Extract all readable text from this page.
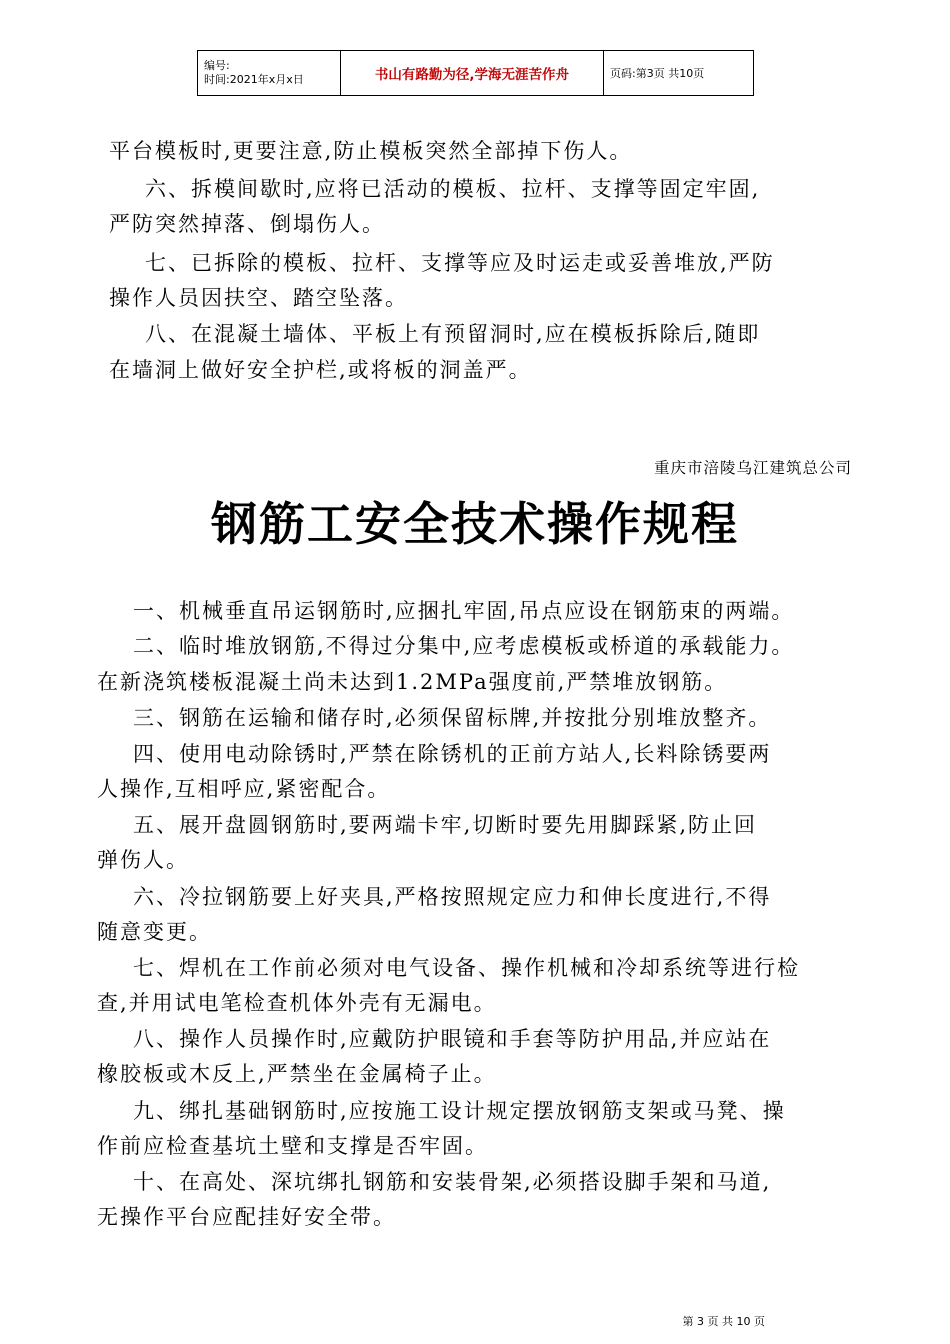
编号:
时间:2021年x月x日	书山有路勤为径,学海无涯苦作舟	页码:第3页 共10页
平台模板时,更要注意,防止模板突然全部掉下伤人。
六、拆模间歇时,应将已活动的模板、拉杆、支撑等固定牢固,
严防突然掉落、倒塌伤人。
七、已拆除的模板、拉杆、支撑等应及时运走或妥善堆放,严防
操作人员因扶空、踏空坠落。
八、在混凝土墙体、平板上有预留洞时,应在模板拆除后,随即
在墙洞上做好安全护栏,或将板的洞盖严。
重庆市涪陵乌江建筑总公司
钢筋工安全技术操作规程
一、机械垂直吊运钢筋时,应捆扎牢固,吊点应设在钢筋束的两端。
二、临时堆放钢筋,不得过分集中,应考虑模板或桥道的承载能力。
在新浇筑楼板混凝土尚未达到1.2MPa强度前,严禁堆放钢筋。
三、钢筋在运输和储存时,必须保留标牌,并按批分别堆放整齐。
四、使用电动除锈时,严禁在除锈机的正前方站人,长料除锈要两
人操作,互相呼应,紧密配合。
五、展开盘圆钢筋时,要两端卡牢,切断时要先用脚踩紧,防止回
弹伤人。
六、冷拉钢筋要上好夹具,严格按照规定应力和伸长度进行,不得
随意变更。
七、焊机在工作前必须对电气设备、操作机械和冷却系统等进行检
查,并用试电笔检查机体外壳有无漏电。
八、操作人员操作时,应戴防护眼镜和手套等防护用品,并应站在
橡胶板或木反上,严禁坐在金属椅子止。
九、绑扎基础钢筋时,应按施工设计规定摆放钢筋支架或马凳、操
作前应检查基坑土壁和支撑是否牢固。
十、在高处、深坑绑扎钢筋和安装骨架,必须搭设脚手架和马道,
无操作平台应配挂好安全带。
第 3 页 共 10 页
